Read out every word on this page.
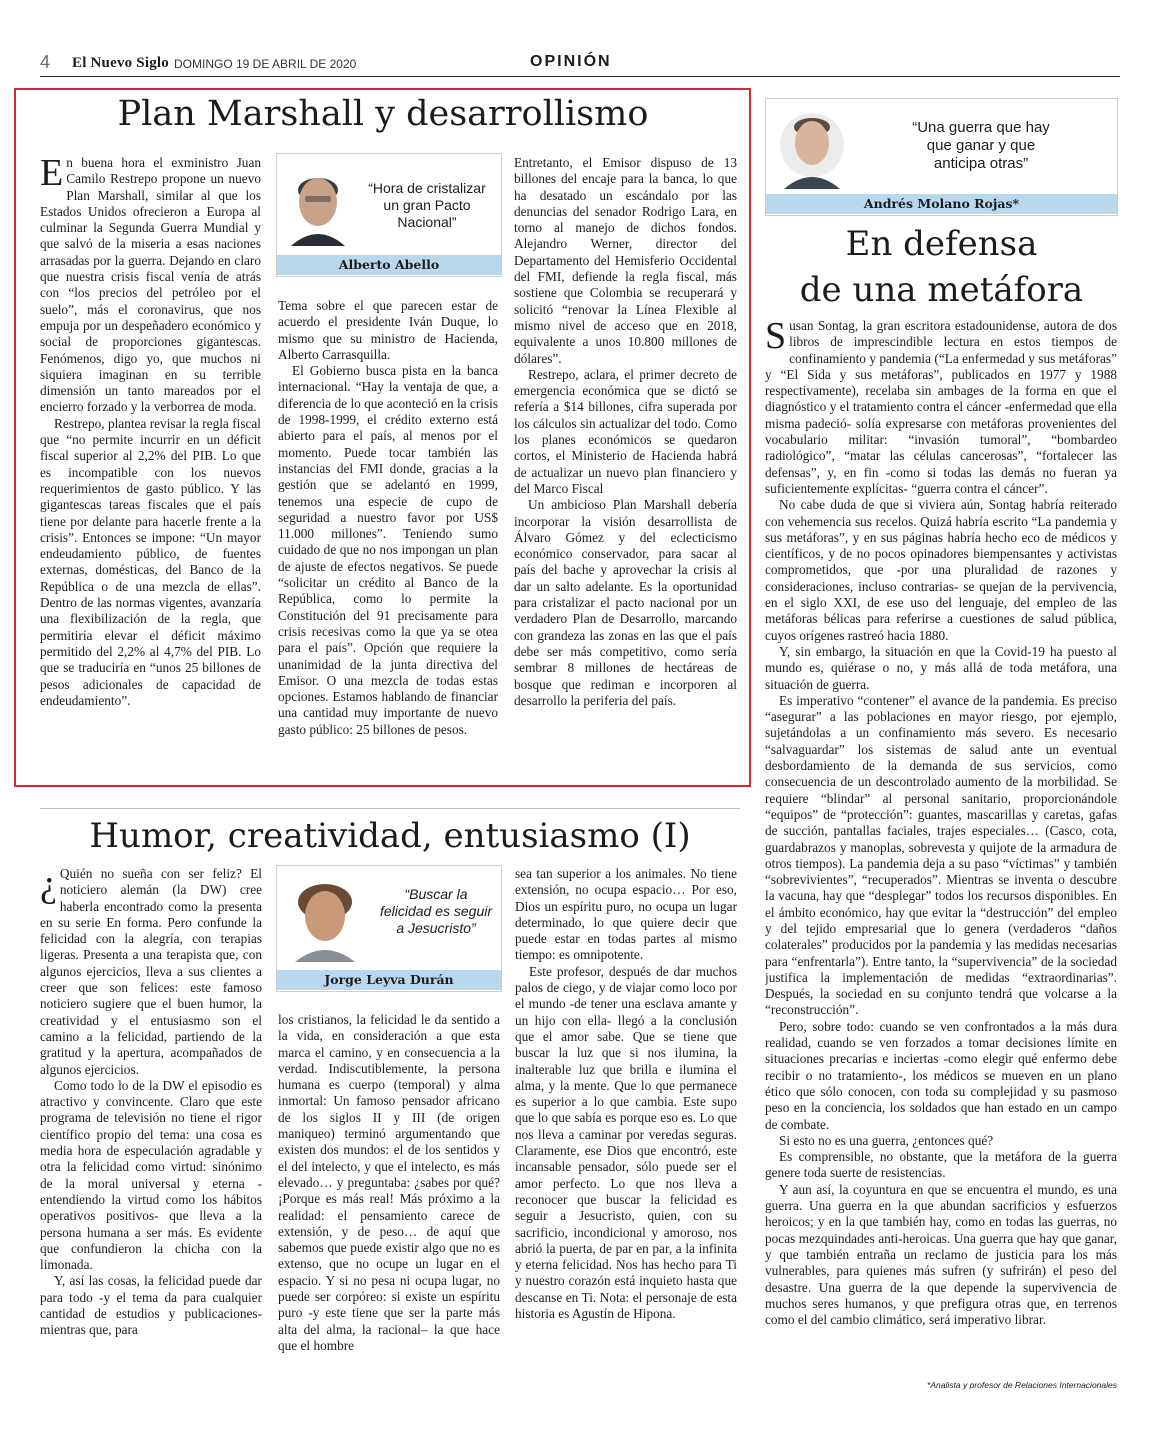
4 El Nuevo Siglo DOMINGO 19 DE ABRIL DE 2020	OPINIÓN
Plan Marshall y desarrollismo

En buena hora el exministro Juan Camilo Restrepo propone un nuevo Plan Marshall, similar al que los Estados Unidos ofrecieron a Europa al culminar la Segunda Guerra Mundial y que salvó de la miseria a esas naciones arrasadas por la guerra. Dejando en claro que nuestra crisis fiscal venía de atrás con “los precios del petróleo por el suelo”, más el coronavirus, que nos empuja por un despeñadero económico y social de proporciones gigantescas. Fenómenos, digo yo, que muchos ni siquiera imaginan en su terrible dimensión un tanto mareados por el encierro forzado y la verborrea de moda.

Restrepo, plantea revisar la regla fiscal que “no permite incurrir en un déficit fiscal superior al 2,2% del PIB. Lo que es incompatible con los nuevos requerimientos de gasto público. Y las gigantescas tareas fiscales que el país tiene por delante para hacerle frente a la crisis”. Entonces se impone: “Un mayor endeudamiento público, de fuentes externas, domésticas, del Banco de la República o de una mezcla de ellas”. Dentro de las normas vigentes, avanzaría una flexibilización de la regla, que permitiría elevar el déficit máximo permitido del 2,2% al 4,7% del PIB. Lo que se traduciría en “unos 25 billones de pesos adicionales de capacidad de endeudamiento”.

“Hora de cristalizar un gran Pacto Nacional”
Alberto Abello

Tema sobre el que parecen estar de acuerdo el presidente Iván Duque, lo mismo que su ministro de Hacienda, Alberto Carrasquilla.

El Gobierno busca pista en la banca internacional. “Hay la ventaja de que, a diferencia de lo que aconteció en la crisis de 1998-1999, el crédito externo está abierto para el país, al menos por el momento. Puede tocar también las instancias del FMI donde, gracias a la gestión que se adelantó en 1999, tenemos una especie de cupo de seguridad a nuestro favor por US$ 11.000 millones”. Teniendo sumo cuidado de que no nos impongan un plan de ajuste de efectos negativos. Se puede “solicitar un crédito al Banco de la República, como lo permite la Constitución del 91 precisamente para crisis recesivas como la que ya se otea para el país”. Opción que requiere la unanimidad de la junta directiva del Emisor. O una mezcla de todas estas opciones. Estamos hablando de financiar una cantidad muy importante de nuevo gasto público: 25 billones de pesos.

Entretanto, el Emisor dispuso de 13 billones del encaje para la banca, lo que ha desatado un escándalo por las denuncias del senador Rodrigo Lara, en torno al manejo de dichos fondos. Alejandro Werner, director del Departamento del Hemisferio Occidental del FMI, defiende la regla fiscal, más sostiene que Colombia se recuperará y solicitó “renovar la Línea Flexible al mismo nivel de acceso que en 2018, equivalente a unos 10.800 millones de dólares”.

Restrepo, aclara, el primer decreto de emergencia económica que se dictó se refería a $14 billones, cifra superada por los cálculos sin actualizar del todo. Como los planes económicos se quedaron cortos, el Ministerio de Hacienda habrá de actualizar un nuevo plan financiero y del Marco Fiscal

Un ambicioso Plan Marshall debería incorporar la visión desarrollista de Álvaro Gómez y del eclecticismo económico conservador, para sacar al país del bache y aprovechar la crisis al dar un salto adelante. Es la oportunidad para cristalizar el pacto nacional por un verdadero Plan de Desarrollo, marcando con grandeza las zonas en las que el país debe ser más competitivo, como sería sembrar 8 millones de hectáreas de bosque que rediman e incorporen al desarrollo la periferia del país.

“Una guerra que hay que ganar y que anticipa otras”
Andrés Molano Rojas*
En defensa
de una metáfora

Susan Sontag, la gran escritora estadounidense, autora de dos libros de imprescindible lectura en estos tiempos de confinamiento y pandemia (“La enfermedad y sus metáforas” y “El Sida y sus metáforas”, publicados en 1977 y 1988 respectivamente), recelaba sin ambages de la forma en que el diagnóstico y el tratamiento contra el cáncer -enfermedad que ella misma padeció- solía expresarse con metáforas provenientes del vocabulario militar: “invasión tumoral”, “bombardeo radiológico”, “matar las células cancerosas”, “fortalecer las defensas”, y, en fin -como si todas las demás no fueran ya suficientemente explícitas- “guerra contra el cáncer”.

No cabe duda de que si viviera aún, Sontag habría reiterado con vehemencia sus recelos. Quizá habría escrito “La pandemia y sus metáforas”, y en sus páginas habría hecho eco de médicos y científicos, y de no pocos opinadores biempensantes y activistas comprometidos, que -por una pluralidad de razones y consideraciones, incluso contrarias- se quejan de la pervivencia, en el siglo XXI, de ese uso del lenguaje, del empleo de las metáforas bélicas para referirse a cuestiones de salud pública, cuyos orígenes rastreó hacia 1880.

Y, sin embargo, la situación en que la Covid-19 ha puesto al mundo es, quiérase o no, y más allá de toda metáfora, una situación de guerra.

Es imperativo “contener” el avance de la pandemia. Es preciso “asegurar” a las poblaciones en mayor riesgo, por ejemplo, sujetándolas a un confinamiento más severo. Es necesario “salvaguardar” los sistemas de salud ante un eventual desbordamiento de la demanda de sus servicios, como consecuencia de un descontrolado aumento de la morbilidad. Se requiere “blindar” al personal sanitario, proporcionándole “equipos” de “protección”: guantes, mascarillas y caretas, gafas de succión, pantallas faciales, trajes especiales… (Casco, cota, guardabrazos y manoplas, sobrevesta y quijote de la armadura de otros tiempos). La pandemia deja a su paso “víctimas” y también “sobrevivientes”, “recuperados”. Mientras se inventa o descubre la vacuna, hay que “desplegar” todos los recursos disponibles. En el ámbito económico, hay que evitar la “destrucción” del empleo y del tejido empresarial que lo genera (verdaderos “daños colaterales” producidos por la pandemia y las medidas necesarias para “enfrentarla”). Entre tanto, la “supervivencia” de la sociedad justifica la implementación de medidas “extraordinarias”. Después, la sociedad en su conjunto tendrá que volcarse a la “reconstrucción”.

Pero, sobre todo: cuando se ven confrontados a la más dura realidad, cuando se ven forzados a tomar decisiones límite en situaciones precarias e inciertas -como elegir qué enfermo debe recibir o no tratamiento-, los médicos se mueven en un plano ético que sólo conocen, con toda su complejidad y su pasmoso peso en la conciencia, los soldados que han estado en un campo de combate.

Si esto no es una guerra, ¿entonces qué?

Es comprensible, no obstante, que la metáfora de la guerra genere toda suerte de resistencias.

Y aun así, la coyuntura en que se encuentra el mundo, es una guerra. Una guerra en la que abundan sacrificios y esfuerzos heroicos; y en la que también hay, como en todas las guerras, no pocas mezquindades anti-heroicas. Una guerra que hay que ganar, y que también entraña un reclamo de justicia para los más vulnerables, para quienes más sufren (y sufrirán) el peso del desastre. Una guerra de la que depende la supervivencia de muchos seres humanos, y que prefigura otras que, en terrenos como el del cambio climático, será imperativo librar.

*Analista y profesor de Relaciones Internacionales
Humor, creatividad, entusiasmo (I)

¿ Quién no sueña con ser feliz? El noticiero alemán (la DW) cree haberla encontrado como la presenta en su serie En forma. Pero confunde la felicidad con la alegría, con terapias ligeras. Presenta a una terapista que, con algunos ejercicios, lleva a sus clientes a creer que son felices: este famoso noticiero sugiere que el buen humor, la creatividad y el entusiasmo son el camino a la felicidad, partiendo de la gratitud y la apertura, acompañados de algunos ejercicios.

Como todo lo de la DW el episodio es atractivo y convincente. Claro que este programa de televisión no tiene el rigor científico propio del tema: una cosa es media hora de especulación agradable y otra la felicidad como virtud: sinónimo de la moral universal y eterna -entendiendo la virtud como los hábitos operativos positivos- que lleva a la persona humana a ser más. Es evidente que confundieron la chicha con la limonada.

Y, así las cosas, la felicidad puede dar para todo -y el tema da para cualquier cantidad de estudios y publicaciones- mientras que, para

“Buscar la felicidad es seguir a Jesucristo”
Jorge Leyva Durán

los cristianos, la felicidad le da sentido a la vida, en consideración a que esta marca el camino, y en consecuencia a la verdad. Indiscutiblemente, la persona humana es cuerpo (temporal) y alma inmortal: Un famoso pensador africano de los siglos II y III (de origen maniqueo) terminó argumentando que existen dos mundos: el de los sentidos y el del intelecto, y que el intelecto, es más elevado… y preguntaba: ¿sabes por qué? ¡Porque es más real! Más próximo a la realidad: el pensamiento carece de extensión, y de peso… de aquí que sabemos que puede existir algo que no es extenso, que no ocupe un lugar en el espacio. Y si no pesa ni ocupa lugar, no puede ser corpóreo: si existe un espíritu puro -y este tiene que ser la parte más alta del alma, la racional– la que hace que el hombre

sea tan superior a los animales. No tiene extensión, no ocupa espacio… Por eso, Dios un espíritu puro, no ocupa un lugar determinado, lo que quiere decir que puede estar en todas partes al mismo tiempo: es omnipotente.

Este profesor, después de dar muchos palos de ciego, y de viajar como loco por el mundo -de tener una esclava amante y un hijo con ella- llegó a la conclusión que el amor sabe. Que se tiene que buscar la luz que si nos ilumina, la inalterable luz que brilla e ilumina el alma, y la mente. Que lo que permanece es superior a lo que cambia. Este supo que lo que sabía es porque eso es. Lo que nos lleva a caminar por veredas seguras. Claramente, ese Dios que encontró, este incansable pensador, sólo puede ser el amor perfecto. Lo que nos lleva a reconocer que buscar la felicidad es seguir a Jesucristo, quien, con su sacrificio, incondicional y amoroso, nos abrió la puerta, de par en par, a la infinita y eterna felicidad. Nos has hecho para Ti y nuestro corazón está inquieto hasta que descanse en Ti. Nota: el personaje de esta historia es Agustín de Hipona.
